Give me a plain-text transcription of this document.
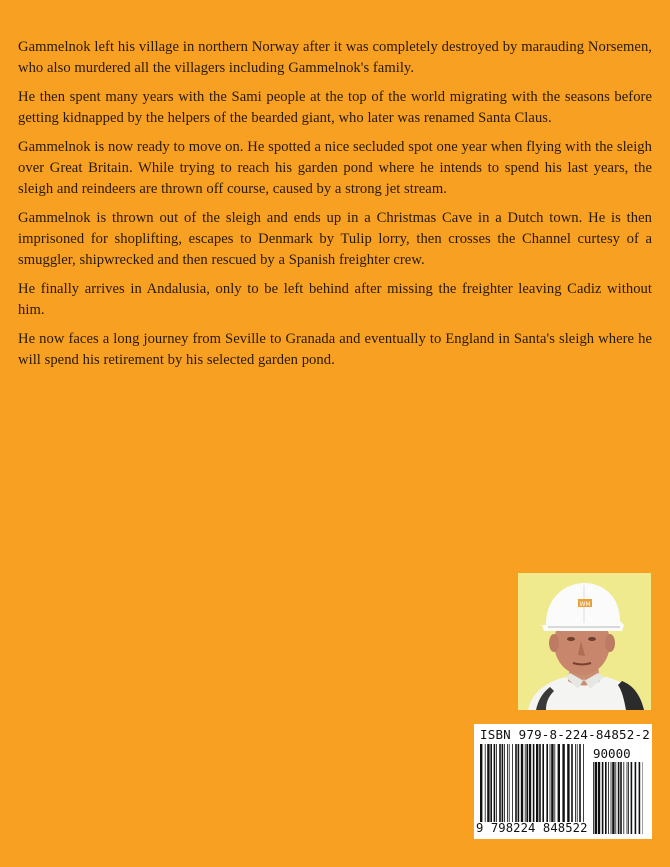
Gammelnok left his village in northern Norway after it was completely destroyed by marauding Norsemen, who also murdered all the villagers including Gammelnok's family.

He then spent many years with the Sami people at the top of the world migrating with the seasons before getting kidnapped by the helpers of the bearded giant, who later was renamed Santa Claus.

Gammelnok is now ready to move on. He spotted a nice secluded spot one year when flying with the sleigh over Great Britain. While trying to reach his garden pond where he intends to spend his last years, the sleigh and reindeers are thrown off course, caused by a strong jet stream.

Gammelnok is thrown out of the sleigh and ends up in a Christmas Cave in a Dutch town. He is then imprisoned for shoplifting, escapes to Denmark by Tulip lorry, then crosses the Channel curtesy of a smuggler, shipwrecked and then rescued by a Spanish freighter crew.

He finally arrives in Andalusia, only to be left behind after missing the freighter leaving Cadiz without him.

He now faces a long journey from Seville to Granada and eventually to England in Santa's sleigh where he will spend his retirement by his selected garden pond.

WM
ISBN 979-8-224-84852-2
90000
9 798224 848522
